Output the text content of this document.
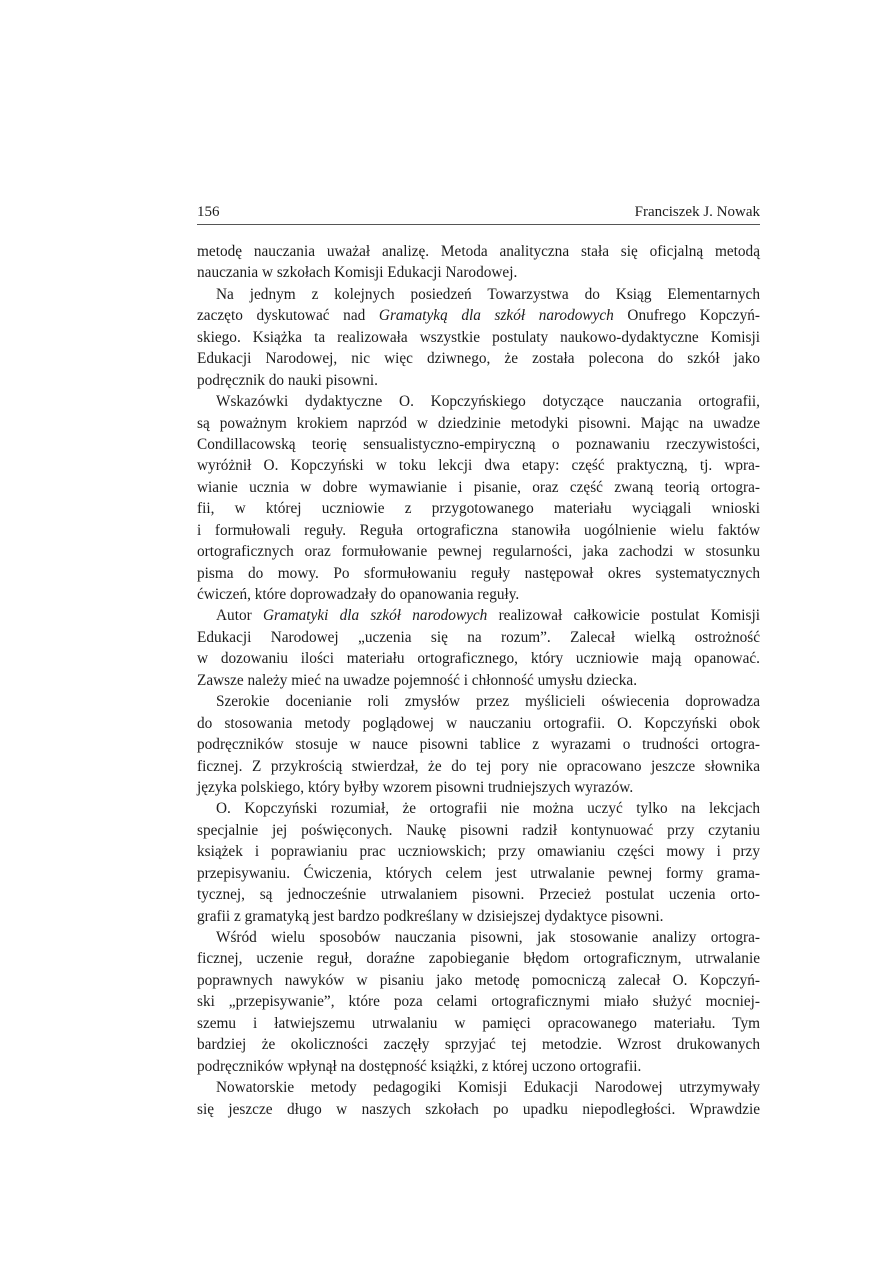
156	Franciszek J. Nowak
metodę nauczania uważał analizę. Metoda analityczna stała się oficjalną metodą
nauczania w szkołach Komisji Edukacji Narodowej.
Na jednym z kolejnych posiedzeń Towarzystwa do Ksiąg Elementarnych
zaczęto dyskutować nad Gramatyką dla szkół narodowych Onufrego Kopczyń-
skiego. Książka ta realizowała wszystkie postulaty naukowo-dydaktyczne Komisji
Edukacji Narodowej, nic więc dziwnego, że została polecona do szkół jako
podręcznik do nauki pisowni.
Wskazówki dydaktyczne O. Kopczyńskiego dotyczące nauczania ortografii,
są poważnym krokiem naprzód w dziedzinie metodyki pisowni. Mając na uwadze
Condillacowską teorię sensualistyczno-empiryczną o poznawaniu rzeczywistości,
wyróżnił O. Kopczyński w toku lekcji dwa etapy: część praktyczną, tj. wpra-
wianie ucznia w dobre wymawianie i pisanie, oraz część zwaną teorią ortogra-
fii, w której uczniowie z przygotowanego materiału wyciągali wnioski
i formułowali reguły. Reguła ortograficzna stanowiła uogólnienie wielu faktów
ortograficznych oraz formułowanie pewnej regularności, jaka zachodzi w stosunku
pisma do mowy. Po sformułowaniu reguły następował okres systematycznych
ćwiczeń, które doprowadzały do opanowania reguły.
Autor Gramatyki dla szkół narodowych realizował całkowicie postulat Komisji
Edukacji Narodowej „uczenia się na rozum”. Zalecał wielką ostrożność
w dozowaniu ilości materiału ortograficznego, który uczniowie mają opanować.
Zawsze należy mieć na uwadze pojemność i chłonność umysłu dziecka.
Szerokie docenianie roli zmysłów przez myślicieli oświecenia doprowadza
do stosowania metody poglądowej w nauczaniu ortografii. O. Kopczyński obok
podręczników stosuje w nauce pisowni tablice z wyrazami o trudności ortogra-
ficznej. Z przykrością stwierdzał, że do tej pory nie opracowano jeszcze słownika
języka polskiego, który byłby wzorem pisowni trudniejszych wyrazów.
O. Kopczyński rozumiał, że ortografii nie można uczyć tylko na lekcjach
specjalnie jej poświęconych. Naukę pisowni radził kontynuować przy czytaniu
książek i poprawianiu prac uczniowskich; przy omawianiu części mowy i przy
przepisywaniu. Ćwiczenia, których celem jest utrwalanie pewnej formy grama-
tycznej, są jednocześnie utrwalaniem pisowni. Przecież postulat uczenia orto-
grafii z gramatyką jest bardzo podkreślany w dzisiejszej dydaktyce pisowni.
Wśród wielu sposobów nauczania pisowni, jak stosowanie analizy ortogra-
ficznej, uczenie reguł, doraźne zapobieganie błędom ortograficznym, utrwalanie
poprawnych nawyków w pisaniu jako metodę pomocniczą zalecał O. Kopczyń-
ski „przepisywanie”, które poza celami ortograficznymi miało służyć mocniej-
szemu i łatwiejszemu utrwalaniu w pamięci opracowanego materiału. Tym
bardziej że okoliczności zaczęły sprzyjać tej metodzie. Wzrost drukowanych
podręczników wpłynął na dostępność książki, z której uczono ortografii.
Nowatorskie metody pedagogiki Komisji Edukacji Narodowej utrzymywały
się jeszcze długo w naszych szkołach po upadku niepodległości. Wprawdzie
